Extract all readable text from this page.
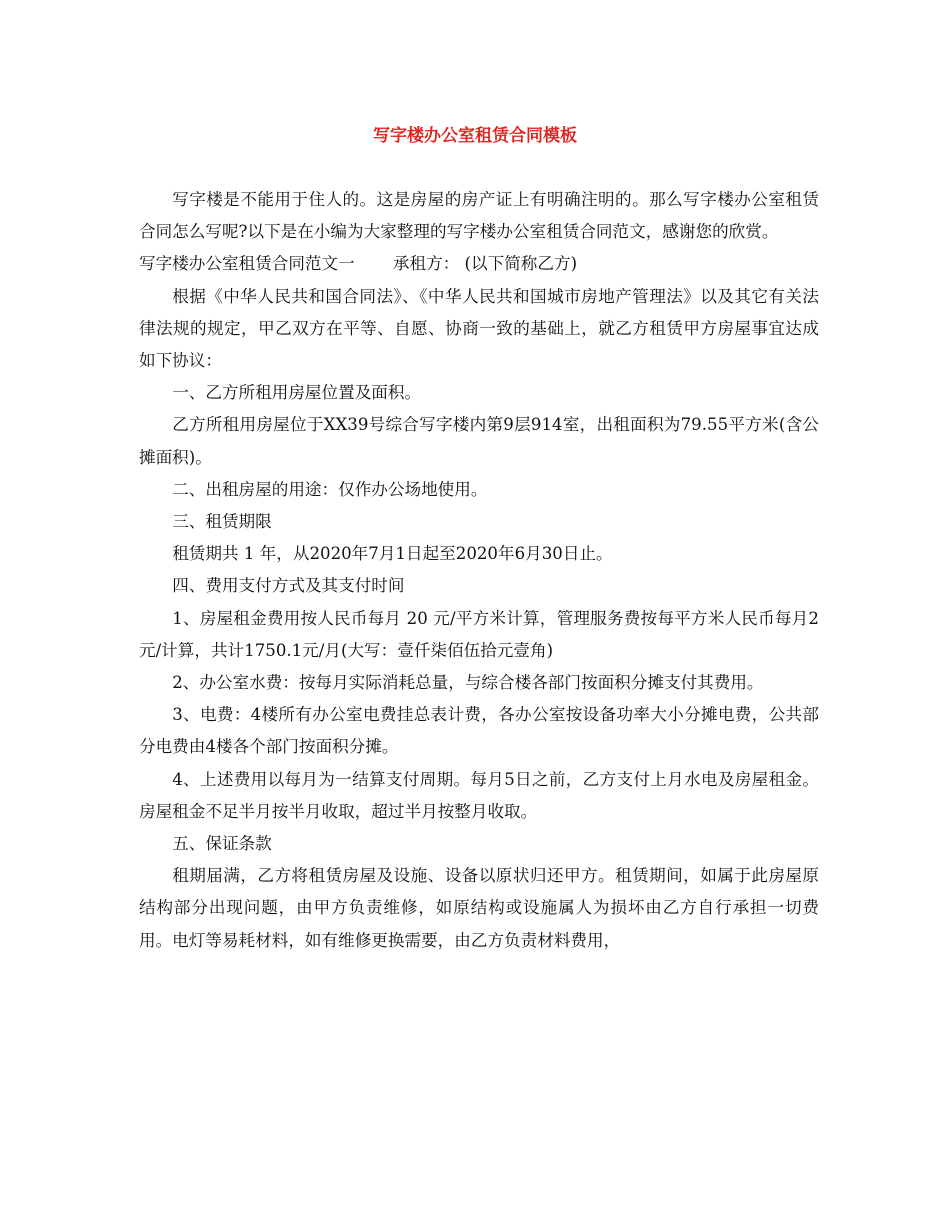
写字楼办公室租赁合同模板

写字楼是不能用于住人的。这是房屋的房产证上有明确注明的。那么写字楼办公室租赁合同怎么写呢?以下是在小编为大家整理的写字楼办公室租赁合同范文，感谢您的欣赏。

写字楼办公室租赁合同范文一 承租方： (以下简称乙方)

根据《中华人民共和国合同法》、《中华人民共和国城市房地产管理法》以及其它有关法律法规的规定，甲乙双方在平等、自愿、协商一致的基础上，就乙方租赁甲方房屋事宜达成如下协议：

一、乙方所租用房屋位置及面积。

乙方所租用房屋位于XX39号综合写字楼内第9层914室，出租面积为79.55平方米(含公摊面积)。

二、出租房屋的用途：仅作办公场地使用。

三、租赁期限

租赁期共 1 年，从2020年7月1日起至2020年6月30日止。

四、费用支付方式及其支付时间

1、房屋租金费用按人民币每月 20 元/平方米计算，管理服务费按每平方米人民币每月2元/计算，共计1750.1元/月(大写：壹仟柒佰伍拾元壹角)

2、办公室水费：按每月实际消耗总量，与综合楼各部门按面积分摊支付其费用。

3、电费：4楼所有办公室电费挂总表计费，各办公室按设备功率大小分摊电费，公共部分电费由4楼各个部门按面积分摊。

4、上述费用以每月为一结算支付周期。每月5日之前，乙方支付上月水电及房屋租金。房屋租金不足半月按半月收取，超过半月按整月收取。

五、保证条款

租期届满，乙方将租赁房屋及设施、设备以原状归还甲方。租赁期间，如属于此房屋原结构部分出现问题，由甲方负责维修，如原结构或设施属人为损坏由乙方自行承担一切费用。电灯等易耗材料，如有维修更换需要，由乙方负责材料费用，
